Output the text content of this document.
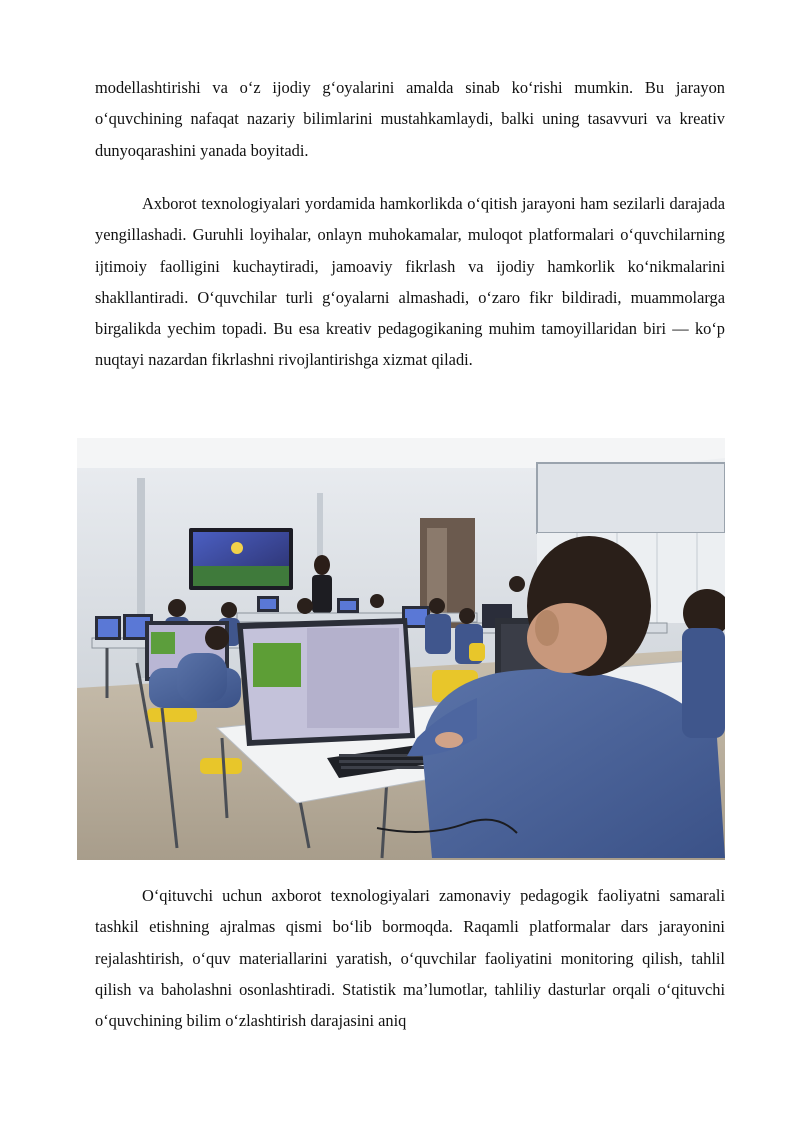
modellashtirishi va o‘z ijodiy g‘oyalarini amalda sinab ko‘rishi mumkin. Bu jarayon o‘quvchining nafaqat nazariy bilimlarini mustahkamlaydi, balki uning tasavvuri va kreativ dunyoqarashini yanada boyitadi.

Axborot texnologiyalari yordamida hamkorlikda o‘qitish jarayoni ham sezilarli darajada yengillashadi. Guruhli loyihalar, onlayn muhokamalar, muloqot platformalari o‘quvchilarning ijtimoiy faolligini kuchaytiradi, jamoaviy fikrlash va ijodiy hamkorlik ko‘nikmalarini shakllantiradi. O‘quvchilar turli g‘oyalarni almashadi, o‘zaro fikr bildiradi, muammolarga birgalikda yechim topadi. Bu esa kreativ pedagogikaning muhim tamoyillaridan biri — ko‘p nuqtayi nazardan fikrlashni rivojlantirishga xizmat qiladi.

O‘qituvchi uchun axborot texnologiyalari zamonaviy pedagogik faoliyatni samarali tashkil etishning ajralmas qismi bo‘lib bormoqda. Raqamli platformalar dars jarayonini rejalashtirish, o‘quv materiallarini yaratish, o‘quvchilar faoliyatini monitoring qilish, tahlil qilish va baholashni osonlashtiradi. Statistik ma’lumotlar, tahliliy dasturlar orqali o‘qituvchi o‘quvchining bilim o‘zlashtirish darajasini aniq
